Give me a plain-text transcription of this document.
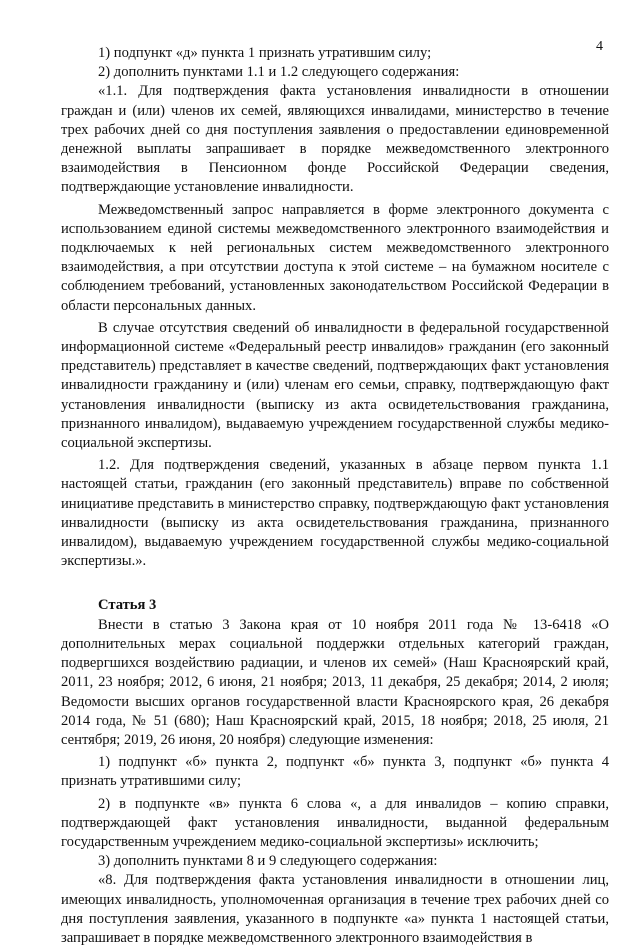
4

1) подпункт «д» пункта 1 признать утратившим силу;

2) дополнить пунктами 1.1 и 1.2 следующего содержания:

«1.1. Для подтверждения факта установления инвалидности в отношении граждан и (или) членов их семей, являющихся инвалидами, министерство в течение трех рабочих дней со дня поступления заявления о предоставлении единовременной денежной выплаты запрашивает в порядке межведомственного электронного взаимодействия в Пенсионном фонде Российской Федерации сведения, подтверждающие установление инвалидности.

Межведомственный запрос направляется в форме электронного документа с использованием единой системы межведомственного электронного взаимодействия и подключаемых к ней региональных систем межведомственного электронного взаимодействия, а при отсутствии доступа к этой системе – на бумажном носителе с соблюдением требований, установленных законодательством Российской Федерации в области персональных данных.

В случае отсутствия сведений об инвалидности в федеральной государственной информационной системе «Федеральный реестр инвалидов» гражданин (его законный представитель) представляет в качестве сведений, подтверждающих факт установления инвалидности гражданину и (или) членам его семьи, справку, подтверждающую факт установления инвалидности (выписку из акта освидетельствования гражданина, признанного инвалидом), выдаваемую учреждением государственной службы медико-социальной экспертизы.

1.2. Для подтверждения сведений, указанных в абзаце первом пункта 1.1 настоящей статьи, гражданин (его законный представитель) вправе по собственной инициативе представить в министерство справку, подтверждающую факт установления инвалидности (выписку из акта освидетельствования гражданина, признанного инвалидом), выдаваемую учреждением государственной службы медико-социальной экспертизы.».

Статья 3

Внести в статью 3 Закона края от 10 ноября 2011 года № 13-6418 «О дополнительных мерах социальной поддержки отдельных категорий граждан, подвергшихся воздействию радиации, и членов их семей» (Наш Красноярский край, 2011, 23 ноября; 2012, 6 июня, 21 ноября; 2013, 11 декабря, 25 декабря; 2014, 2 июля; Ведомости высших органов государственной власти Красноярского края, 26 декабря 2014 года, № 51 (680); Наш Красноярский край, 2015, 18 ноября; 2018, 25 июля, 21 сентября; 2019, 26 июня, 20 ноября) следующие изменения:

1) подпункт «б» пункта 2, подпункт «б» пункта 3, подпункт «б» пункта 4 признать утратившими силу;

2) в подпункте «в» пункта 6 слова «, а для инвалидов – копию справки, подтверждающей факт установления инвалидности, выданной федеральным государственным учреждением медико-социальной экспертизы» исключить;

3) дополнить пунктами 8 и 9 следующего содержания:

«8. Для подтверждения факта установления инвалидности в отношении лиц, имеющих инвалидность, уполномоченная организация в течение трех рабочих дней со дня поступления заявления, указанного в подпункте «а» пункта 1 настоящей статьи, запрашивает в порядке межведомственного электронного взаимодействия в
